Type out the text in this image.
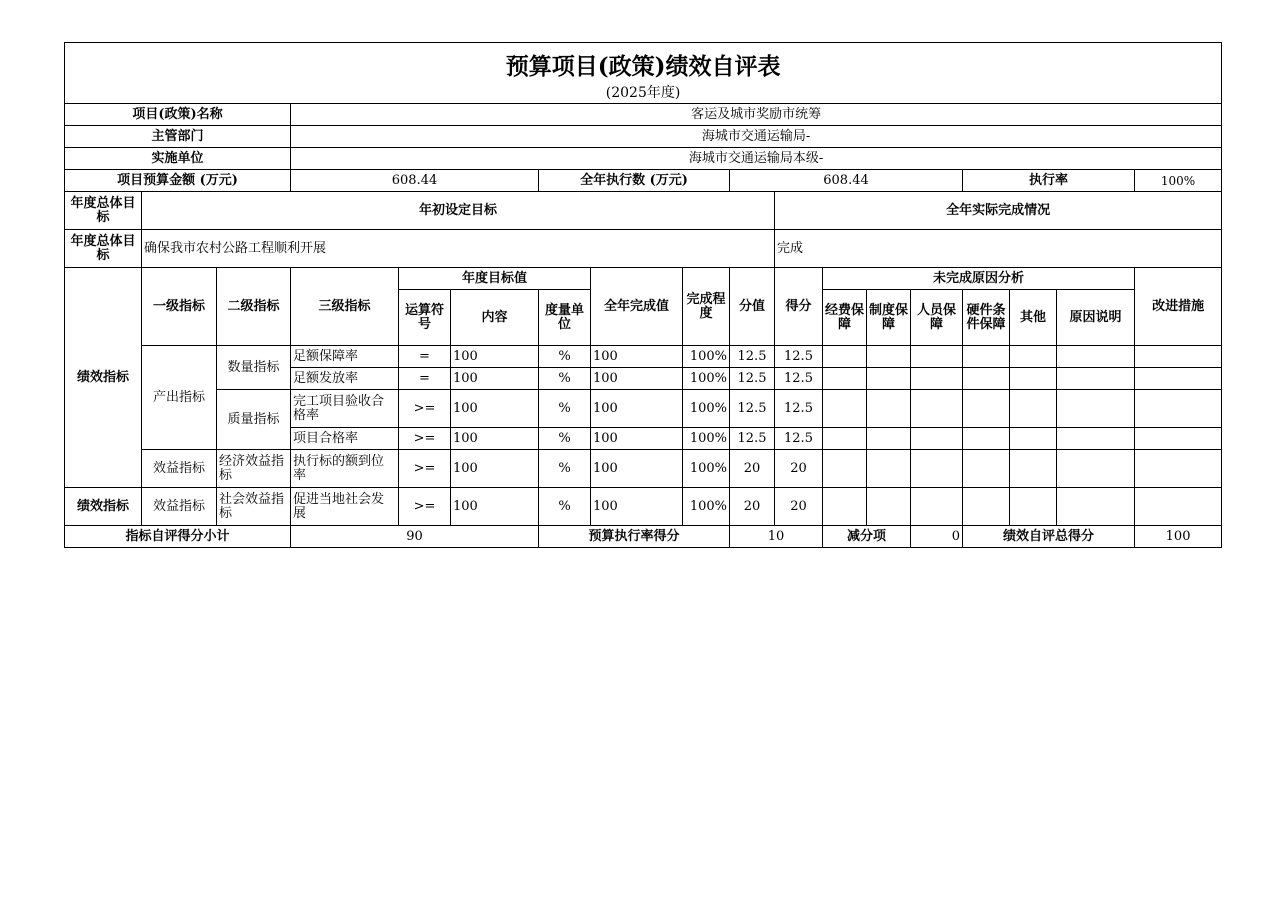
预算项目(政策)绩效自评表
(2025年度)																	

项目(政策)名称			客运及城市奖励市统筹														
主管部门			海城市交通运输局-														
实施单位			海城市交通运输局本级-														
项目预算金额 (万元)			608.44			全年执行数 (万元)			608.44					执行率			100%
年度总体目标	年初设定目标									全年实际完成情况							
年度总体目标	确保我市农村公路工程顺利开展									完成							
绩效指标	一级指标	二级指标	三级指标	年度目标值			全年完成值	完成程度	分值	得分	未完成原因分析						改进措施
				运算符号	内容	度量单位					经费保障	制度保障	人员保障	硬件条件保障	其他	原因说明	
	产出指标	数量指标	足额保障率	=	100	%	100	100%	12.5	12.5							
			足额发放率	=	100	%	100	100%	12.5	12.5							
		质量指标	完工项目验收合格率	>=	100	%	100	100%	12.5	12.5							
			项目合格率	>=	100	%	100	100%	12.5	12.5							
	效益指标	经济效益指标	执行标的额到位率	>=	100	%	100	100%	20	20							
绩效指标	效益指标	社会效益指标	促进当地社会发展	>=	100	%	100	100%	20	20							
指标自评得分小计			90			预算执行率得分			10		减分项		0	绩效自评总得分			100
